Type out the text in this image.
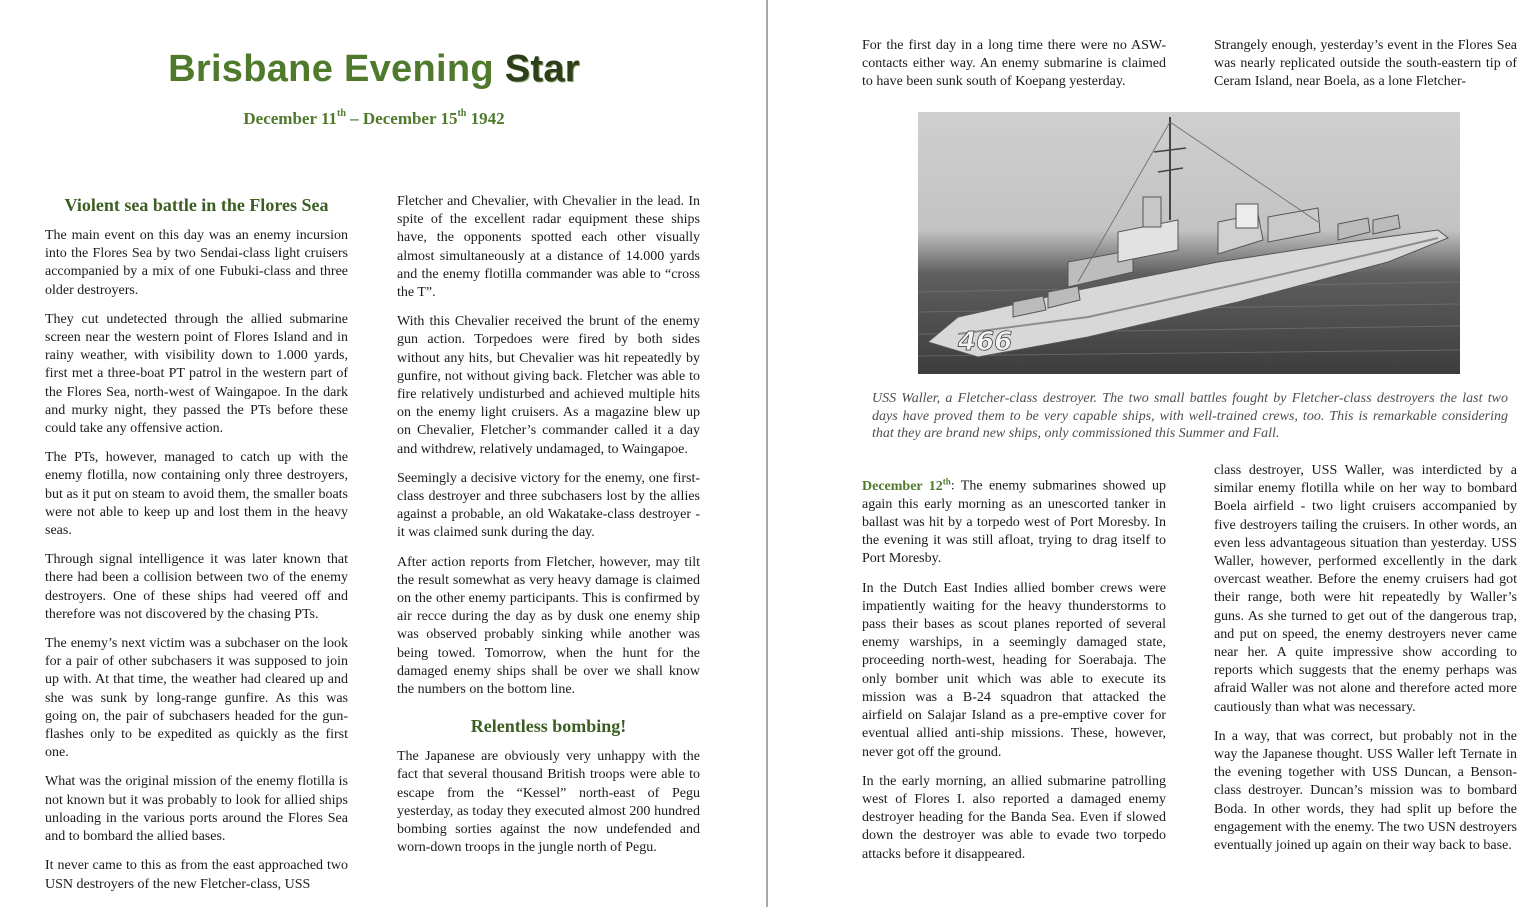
Brisbane Evening Star
December 11th – December 15th 1942
Violent sea battle in the Flores Sea

The main event on this day was an enemy incursion into the Flores Sea by two Sendai-class light cruisers accompanied by a mix of one Fubuki-class and three older destroyers.

They cut undetected through the allied submarine screen near the western point of Flores Island and in rainy weather, with visibility down to 1.000 yards, first met a three-boat PT patrol in the western part of the Flores Sea, north-west of Waingapoe. In the dark and murky night, they passed the PTs before these could take any offensive action.

The PTs, however, managed to catch up with the enemy flotilla, now containing only three destroyers, but as it put on steam to avoid them, the smaller boats were not able to keep up and lost them in the heavy seas.

Through signal intelligence it was later known that there had been a collision between two of the enemy destroyers. One of these ships had veered off and therefore was not discovered by the chasing PTs.

The enemy’s next victim was a subchaser on the look for a pair of other subchasers it was supposed to join up with. At that time, the weather had cleared up and she was sunk by long-range gunfire. As this was going on, the pair of subchasers headed for the gun-flashes only to be expedited as quickly as the first one.

What was the original mission of the enemy flotilla is not known but it was probably to look for allied ships unloading in the various ports around the Flores Sea and to bombard the allied bases.

It never came to this as from the east approached two USN destroyers of the new Fletcher-class, USS

Fletcher and Chevalier, with Chevalier in the lead. In spite of the excellent radar equipment these ships have, the opponents spotted each other visually almost simultaneously at a distance of 14.000 yards and the enemy flotilla commander was able to “cross the T”.

With this Chevalier received the brunt of the enemy gun action. Torpedoes were fired by both sides without any hits, but Chevalier was hit repeatedly by gunfire, not without giving back. Fletcher was able to fire relatively undisturbed and achieved multiple hits on the enemy light cruisers. As a magazine blew up on Chevalier, Fletcher’s commander called it a day and withdrew, relatively undamaged, to Waingapoe.

Seemingly a decisive victory for the enemy, one first-class destroyer and three subchasers lost by the allies against a probable, an old Wakatake-class destroyer - it was claimed sunk during the day.

After action reports from Fletcher, however, may tilt the result somewhat as very heavy damage is claimed on the other enemy participants. This is confirmed by air recce during the day as by dusk one enemy ship was observed probably sinking while another was being towed. Tomorrow, when the hunt for the damaged enemy ships shall be over we shall know the numbers on the bottom line.

Relentless bombing!

The Japanese are obviously very unhappy with the fact that several thousand British troops were able to escape from the “Kessel” north-east of Pegu yesterday, as today they executed almost 200 hundred bombing sorties against the now undefended and worn-down troops in the jungle north of Pegu.

For the first day in a long time there were no ASW-contacts either way. An enemy submarine is claimed to have been sunk south of Koepang yesterday.

Strangely enough, yesterday’s event in the Flores Sea was nearly replicated outside the south-eastern tip of Ceram Island, near Boela, as a lone Fletcher-

466
USS Waller, a Fletcher-class destroyer. The two small battles fought by Fletcher-class destroyers the last two days have proved them to be very capable ships, with well-trained crews, too. This is remarkable considering that they are brand new ships, only commissioned this Summer and Fall.

December 12th: The enemy submarines showed up again this early morning as an unescorted tanker in ballast was hit by a torpedo west of Port Moresby. In the evening it was still afloat, trying to drag itself to Port Moresby.

In the Dutch East Indies allied bomber crews were impatiently waiting for the heavy thunderstorms to pass their bases as scout planes reported of several enemy warships, in a seemingly damaged state, proceeding north-west, heading for Soerabaja. The only bomber unit which was able to execute its mission was a B-24 squadron that attacked the airfield on Salajar Island as a pre-emptive cover for eventual allied anti-ship missions. These, however, never got off the ground.

In the early morning, an allied submarine patrolling west of Flores I. also reported a damaged enemy destroyer heading for the Banda Sea. Even if slowed down the destroyer was able to evade two torpedo attacks before it disappeared.

class destroyer, USS Waller, was interdicted by a similar enemy flotilla while on her way to bombard Boela airfield - two light cruisers accompanied by five destroyers tailing the cruisers. In other words, an even less advantageous situation than yesterday. USS Waller, however, performed excellently in the dark overcast weather. Before the enemy cruisers had got their range, both were hit repeatedly by Waller’s guns. As she turned to get out of the dangerous trap, and put on speed, the enemy destroyers never came near her. A quite impressive show according to reports which suggests that the enemy perhaps was afraid Waller was not alone and therefore acted more cautiously than what was necessary.

In a way, that was correct, but probably not in the way the Japanese thought. USS Waller left Ternate in the evening together with USS Duncan, a Benson-class destroyer. Duncan’s mission was to bombard Boda. In other words, they had split up before the engagement with the enemy. The two USN destroyers eventually joined up again on their way back to base.
